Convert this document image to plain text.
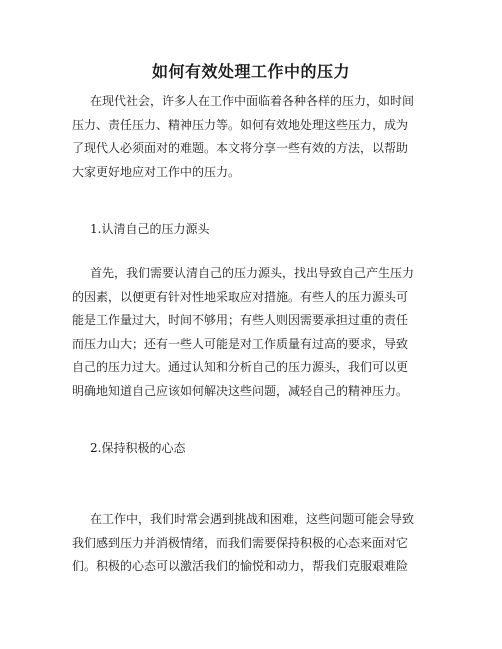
如何有效处理工作中的压力
在现代社会，许多人在工作中面临着各种各样的压力，如时间
压力、责任压力、精神压力等。如何有效地处理这些压力，成为
了现代人必须面对的难题。本文将分享一些有效的方法，以帮助
大家更好地应对工作中的压力。
1.认清自己的压力源头
首先，我们需要认清自己的压力源头，找出导致自己产生压力
的因素，以便更有针对性地采取应对措施。有些人的压力源头可
能是工作量过大，时间不够用；有些人则因需要承担过重的责任
而压力山大；还有一些人可能是对工作质量有过高的要求，导致
自己的压力过大。通过认知和分析自己的压力源头，我们可以更
明确地知道自己应该如何解决这些问题，减轻自己的精神压力。
2.保持积极的心态
在工作中，我们时常会遇到挑战和困难，这些问题可能会导致
我们感到压力并消极情绪，而我们需要保持积极的心态来面对它
们。积极的心态可以激活我们的愉悦和动力，帮我们克服艰难险
